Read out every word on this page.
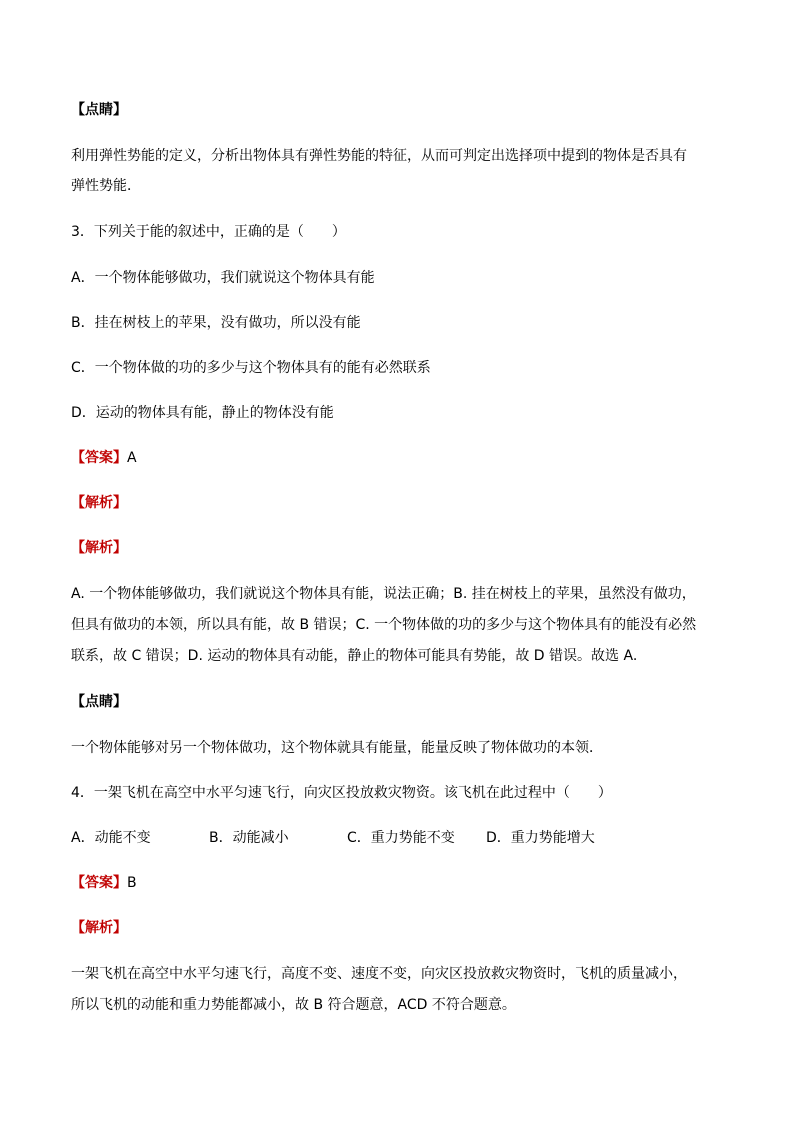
【点睛】
利用弹性势能的定义，分析出物体具有弹性势能的特征，从而可判定出选择项中提到的物体是否具有
弹性势能．
3．下列关于能的叙述中，正确的是（　　）
A．一个物体能够做功，我们就说这个物体具有能
B．挂在树枝上的苹果，没有做功，所以没有能
C．一个物体做的功的多少与这个物体具有的能有必然联系
D．运动的物体具有能，静止的物体没有能
【答案】A
【解析】
【解析】
A. 一个物体能够做功，我们就说这个物体具有能，说法正确；B. 挂在树枝上的苹果，虽然没有做功，
但具有做功的本领，所以具有能，故 B 错误；C. 一个物体做的功的多少与这个物体具有的能没有必然
联系，故 C 错误；D. 运动的物体具有动能，静止的物体可能具有势能，故 D 错误。故选 A.
【点睛】
一个物体能够对另一个物体做功，这个物体就具有能量，能量反映了物体做功的本领．
4．一架飞机在高空中水平匀速飞行，向灾区投放救灾物资。该飞机在此过程中（　　）
A．动能不变	B．动能减小	C．重力势能不变 D．重力势能增大
【答案】B
【解析】
一架飞机在高空中水平匀速飞行，高度不变、速度不变，向灾区投放救灾物资时，飞机的质量减小，
所以飞机的动能和重力势能都减小，故 B 符合题意，ACD 不符合题意。
